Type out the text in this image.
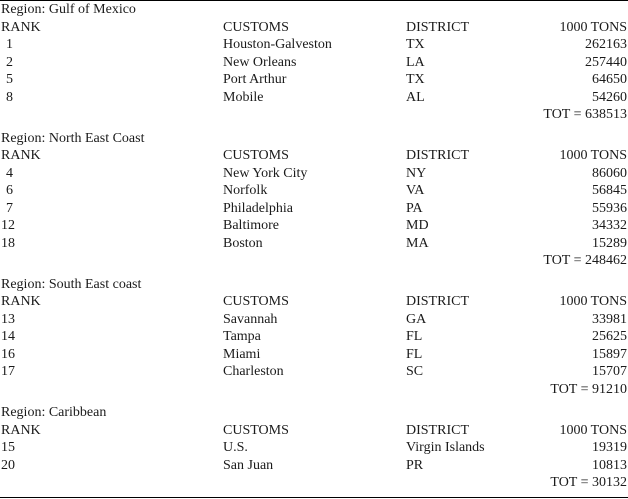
Region: Gulf of Mexico
RANK	CUSTOMS	DISTRICT	1000 TONS
1	Houston-Galveston	TX	262163
2	New Orleans	LA	257440
5	Port Arthur	TX	64650
8	Mobile	AL	54260
TOT = 638513
Region: North East Coast
RANK	CUSTOMS	DISTRICT	1000 TONS
4	New York City	NY	86060
6	Norfolk	VA	56845
7	Philadelphia	PA	55936
12	Baltimore	MD	34332
18	Boston	MA	15289
TOT = 248462
Region: South East coast
RANK	CUSTOMS	DISTRICT	1000 TONS
13	Savannah	GA	33981
14	Tampa	FL	25625
16	Miami	FL	15897
17	Charleston	SC	15707
TOT = 91210
Region: Caribbean
RANK	CUSTOMS	DISTRICT	1000 TONS
15	U.S.	Virgin Islands	19319
20	San Juan	PR	10813
TOT = 30132
